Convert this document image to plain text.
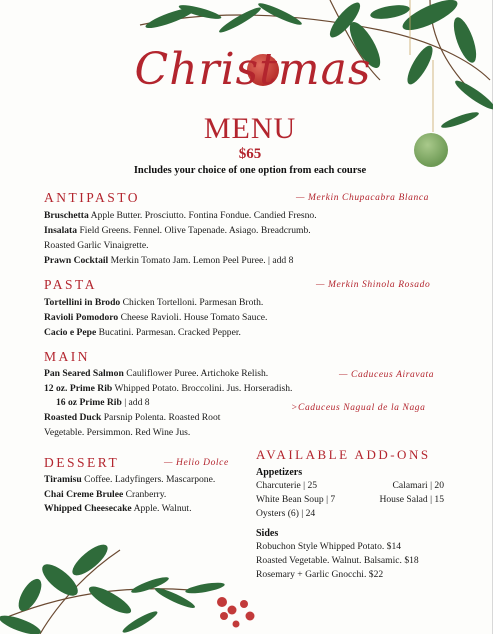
Christmas
MENU
$65
Includes your choice of one option from each course
ANTIPASTO	— Merkin Chupacabra Blanca
Bruschetta Apple Butter. Prosciutto. Fontina Fondue. Candied Fresno.
Insalata Field Greens. Fennel. Olive Tapenade. Asiago. Breadcrumb.
Roasted Garlic Vinaigrette.
Prawn Cocktail Merkin Tomato Jam. Lemon Peel Puree. | add 8
PASTA	— Merkin Shinola Rosado
Tortellini in Brodo Chicken Tortelloni. Parmesan Broth.
Ravioli Pomodoro Cheese Ravioli. House Tomato Sauce.
Cacio e Pepe Bucatini. Parmesan. Cracked Pepper.
MAIN
— Caduceus Airavata
>Caduceus Nagual de la Naga
Pan Seared Salmon Cauliflower Puree. Artichoke Relish.
12 oz. Prime Rib Whipped Potato. Broccolini. Jus. Horseradish.
16 oz Prime Rib | add 8
Roasted Duck Parsnip Polenta. Roasted Root
Vegetable. Persimmon. Red Wine Jus.
DESSERT	— Helio Dolce
Tiramisu Coffee. Ladyfingers. Mascarpone.
Chai Creme Brulee Cranberry.
Whipped Cheesecake Apple. Walnut.
AVAILABLE ADD-ONS
Appetizers
Charcuterie | 25	Calamari | 20
White Bean Soup | 7	House Salad | 15
Oysters (6) | 24
Sides
Robuchon Style Whipped Potato. $14
Roasted Vegetable. Walnut. Balsamic. $18
Rosemary + Garlic Gnocchi. $22
